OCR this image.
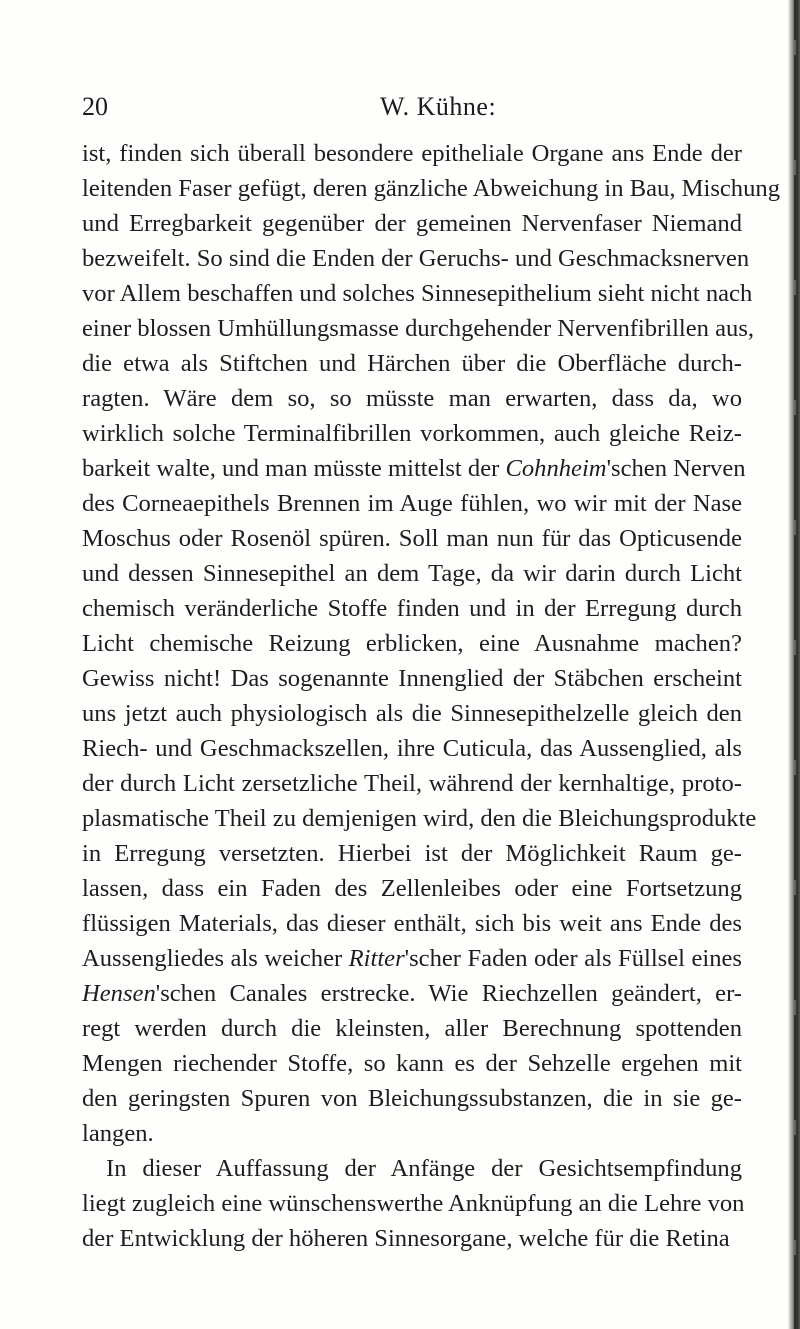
20	W. Kühne:
ist, finden sich überall besondere epitheliale Organe ans Ende der
leitenden Faser gefügt, deren gänzliche Abweichung in Bau, Mischung
und Erregbarkeit gegenüber der gemeinen Nervenfaser Niemand
bezweifelt. So sind die Enden der Geruchs- und Geschmacksnerven
vor Allem beschaffen und solches Sinnesepithelium sieht nicht nach
einer blossen Umhüllungsmasse durchgehender Nervenfibrillen aus,
die etwa als Stiftchen und Härchen über die Oberfläche durch-
ragten. Wäre dem so, so müsste man erwarten, dass da, wo
wirklich solche Terminalfibrillen vorkommen, auch gleiche Reiz-
barkeit walte, und man müsste mittelst der Cohnheim'schen Nerven
des Corneaepithels Brennen im Auge fühlen, wo wir mit der Nase
Moschus oder Rosenöl spüren. Soll man nun für das Opticusende
und dessen Sinnesepithel an dem Tage, da wir darin durch Licht
chemisch veränderliche Stoffe finden und in der Erregung durch
Licht chemische Reizung erblicken, eine Ausnahme machen?
Gewiss nicht! Das sogenannte Innenglied der Stäbchen erscheint
uns jetzt auch physiologisch als die Sinnesepithelzelle gleich den
Riech- und Geschmackszellen, ihre Cuticula, das Aussenglied, als
der durch Licht zersetzliche Theil, während der kernhaltige, proto-
plasmatische Theil zu demjenigen wird, den die Bleichungsprodukte
in Erregung versetzten. Hierbei ist der Möglichkeit Raum ge-
lassen, dass ein Faden des Zellenleibes oder eine Fortsetzung
flüssigen Materials, das dieser enthält, sich bis weit ans Ende des
Aussengliedes als weicher Ritter'scher Faden oder als Füllsel eines
Hensen'schen Canales erstrecke. Wie Riechzellen geändert, er-
regt werden durch die kleinsten, aller Berechnung spottenden
Mengen riechender Stoffe, so kann es der Sehzelle ergehen mit
den geringsten Spuren von Bleichungssubstanzen, die in sie ge-
langen.
In dieser Auffassung der Anfänge der Gesichtsempfindung
liegt zugleich eine wünschenswerthe Anknüpfung an die Lehre von
der Entwicklung der höheren Sinnesorgane, welche für die Retina
